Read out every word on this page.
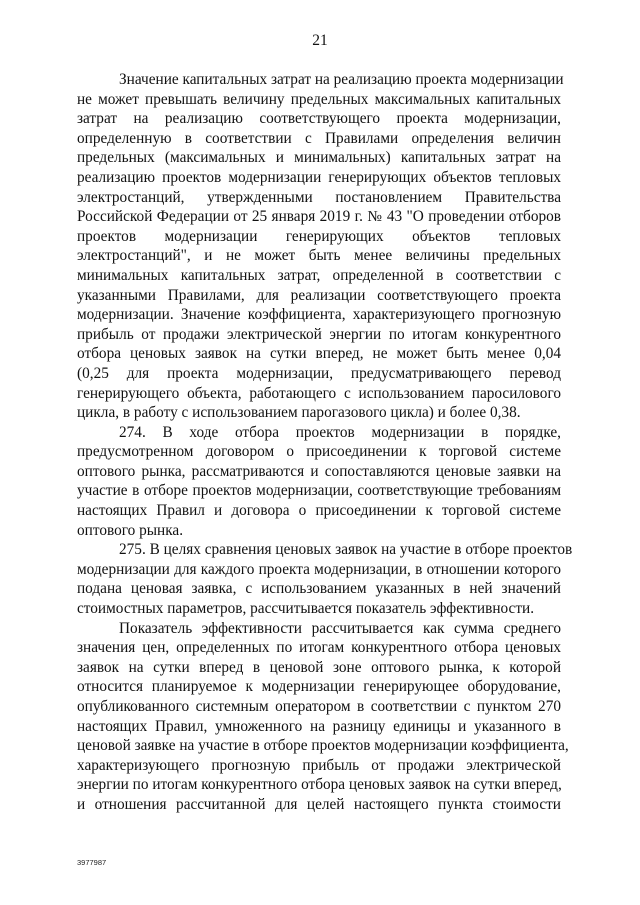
21
Значение капитальных затрат на реализацию проекта модернизации
не может превышать величину предельных максимальных капитальных
затрат на реализацию соответствующего проекта модернизации,
определенную в соответствии с Правилами определения величин
предельных (максимальных и минимальных) капитальных затрат на
реализацию проектов модернизации генерирующих объектов тепловых
электростанций, утвержденными постановлением Правительства
Российской Федерации от 25 января 2019 г. № 43 "О проведении отборов
проектов модернизации генерирующих объектов тепловых
электростанций", и не может быть менее величины предельных
минимальных капитальных затрат, определенной в соответствии с
указанными Правилами, для реализации соответствующего проекта
модернизации. Значение коэффициента, характеризующего прогнозную
прибыль от продажи электрической энергии по итогам конкурентного
отбора ценовых заявок на сутки вперед, не может быть менее 0,04
(0,25 для проекта модернизации, предусматривающего перевод
генерирующего объекта, работающего с использованием паросилового
цикла, в работу с использованием парогазового цикла) и более 0,38.
274. В ходе отбора проектов модернизации в порядке,
предусмотренном договором о присоединении к торговой системе
оптового рынка, рассматриваются и сопоставляются ценовые заявки на
участие в отборе проектов модернизации, соответствующие требованиям
настоящих Правил и договора о присоединении к торговой системе
оптового рынка.
275. В целях сравнения ценовых заявок на участие в отборе проектов
модернизации для каждого проекта модернизации, в отношении которого
подана ценовая заявка, с использованием указанных в ней значений
стоимостных параметров, рассчитывается показатель эффективности.
Показатель эффективности рассчитывается как сумма среднего
значения цен, определенных по итогам конкурентного отбора ценовых
заявок на сутки вперед в ценовой зоне оптового рынка, к которой
относится планируемое к модернизации генерирующее оборудование,
опубликованного системным оператором в соответствии с пунктом 270
настоящих Правил, умноженного на разницу единицы и указанного в
ценовой заявке на участие в отборе проектов модернизации коэффициента,
характеризующего прогнозную прибыль от продажи электрической
энергии по итогам конкурентного отбора ценовых заявок на сутки вперед,
и отношения рассчитанной для целей настоящего пункта стоимости
3977987
